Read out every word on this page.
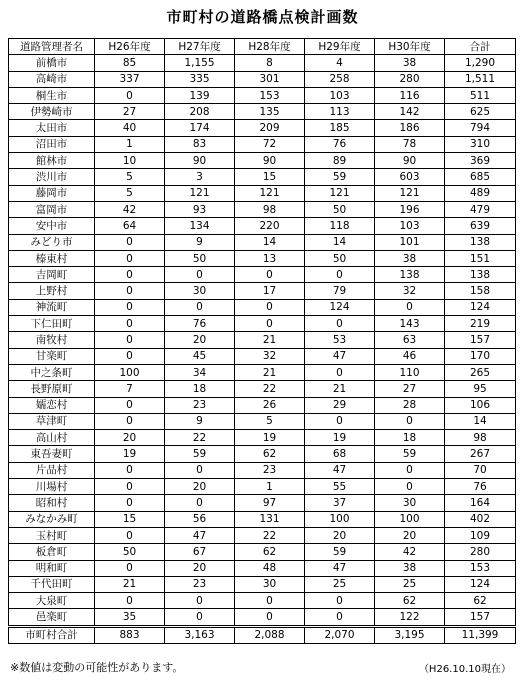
市町村の道路橋点検計画数
道路管理者名	H26年度	H27年度	H28年度	H29年度	H30年度	合計
前橋市	85	1,155	8	4	38	1,290
高崎市	337	335	301	258	280	1,511
桐生市	0	139	153	103	116	511
伊勢崎市	27	208	135	113	142	625
太田市	40	174	209	185	186	794
沼田市	1	83	72	76	78	310
館林市	10	90	90	89	90	369
渋川市	5	3	15	59	603	685
藤岡市	5	121	121	121	121	489
富岡市	42	93	98	50	196	479
安中市	64	134	220	118	103	639
みどり市	0	9	14	14	101	138
榛東村	0	50	13	50	38	151
吉岡町	0	0	0	0	138	138
上野村	0	30	17	79	32	158
神流町	0	0	0	124	0	124
下仁田町	0	76	0	0	143	219
南牧村	0	20	21	53	63	157
甘楽町	0	45	32	47	46	170
中之条町	100	34	21	0	110	265
長野原町	7	18	22	21	27	95
嬬恋村	0	23	26	29	28	106
草津町	0	9	5	0	0	14
高山村	20	22	19	19	18	98
東吾妻町	19	59	62	68	59	267
片品村	0	0	23	47	0	70
川場村	0	20	1	55	0	76
昭和村	0	0	97	37	30	164
みなかみ町	15	56	131	100	100	402
玉村町	0	47	22	20	20	109
板倉町	50	67	62	59	42	280
明和町	0	20	48	47	38	153
千代田町	21	23	30	25	25	124
大泉町	0	0	0	0	62	62
邑楽町	35	0	0	0	122	157
市町村合計	883	3,163	2,088	2,070	3,195	11,399
※数値は変動の可能性があります。	（H26.10.10現在）
